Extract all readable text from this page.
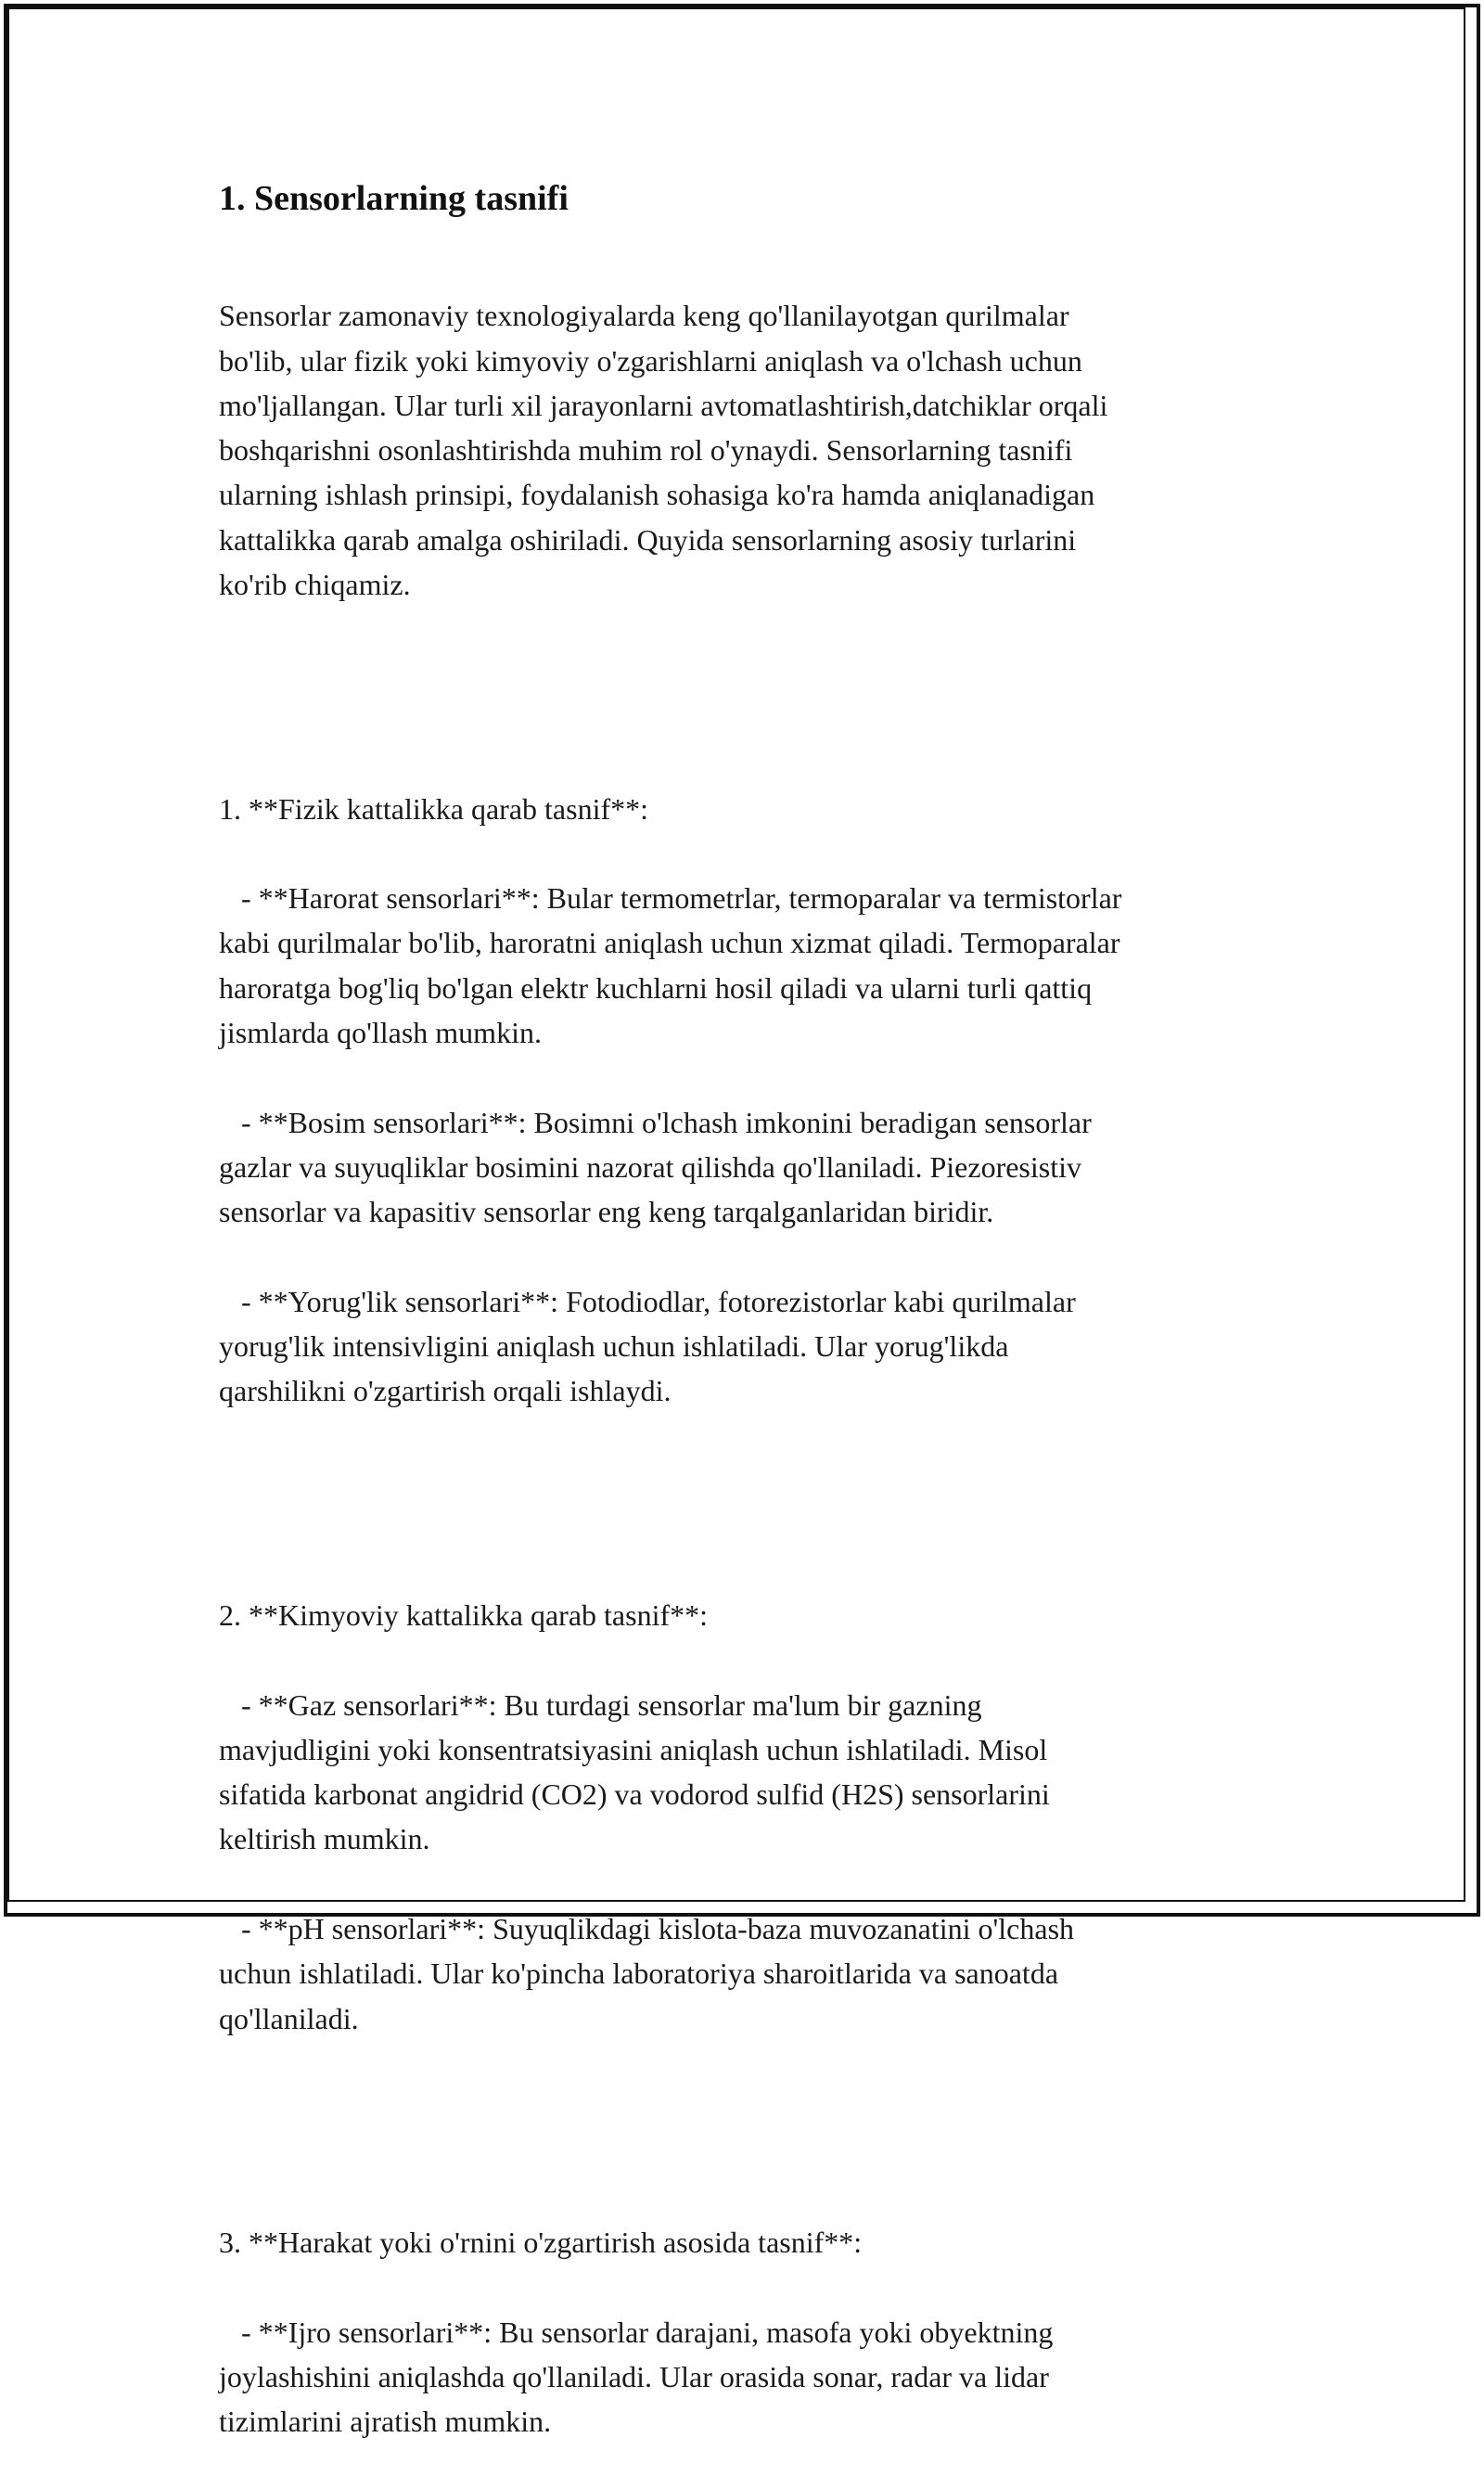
1. Sensorlarning tasnifi

Sensorlar zamonaviy texnologiyalarda keng qo'llanilayotgan qurilmalar
bo'lib, ular fizik yoki kimyoviy o'zgarishlarni aniqlash va o'lchash uchun
mo'ljallangan. Ular turli xil jarayonlarni avtomatlashtirish,datchiklar orqali
boshqarishni osonlashtirishda muhim rol o'ynaydi. Sensorlarning tasnifi
ularning ishlash prinsipi, foydalanish sohasiga ko'ra hamda aniqlanadigan
kattalikka qarab amalga oshiriladi. Quyida sensorlarning asosiy turlarini
ko'rib chiqamiz.

1. **Fizik kattalikka qarab tasnif**:

- **Harorat sensorlari**: Bular termometrlar, termoparalar va termistorlar
kabi qurilmalar bo'lib, haroratni aniqlash uchun xizmat qiladi. Termoparalar
haroratga bog'liq bo'lgan elektr kuchlarni hosil qiladi va ularni turli qattiq
jismlarda qo'llash mumkin.

- **Bosim sensorlari**: Bosimni o'lchash imkonini beradigan sensorlar
gazlar va suyuqliklar bosimini nazorat qilishda qo'llaniladi. Piezoresistiv
sensorlar va kapasitiv sensorlar eng keng tarqalganlaridan biridir.

- **Yorug'lik sensorlari**: Fotodiodlar, fotorezistorlar kabi qurilmalar
yorug'lik intensivligini aniqlash uchun ishlatiladi. Ular yorug'likda
qarshilikni o'zgartirish orqali ishlaydi.

2. **Kimyoviy kattalikka qarab tasnif**:

- **Gaz sensorlari**: Bu turdagi sensorlar ma'lum bir gazning
mavjudligini yoki konsentratsiyasini aniqlash uchun ishlatiladi. Misol
sifatida karbonat angidrid (CO2) va vodorod sulfid (H2S) sensorlarini
keltirish mumkin.

- **pH sensorlari**: Suyuqlikdagi kislota-baza muvozanatini o'lchash
uchun ishlatiladi. Ular ko'pincha laboratoriya sharoitlarida va sanoatda
qo'llaniladi.

3. **Harakat yoki o'rnini o'zgartirish asosida tasnif**:

- **Ijro sensorlari**: Bu sensorlar darajani, masofa yoki obyektning
joylashishini aniqlashda qo'llaniladi. Ular orasida sonar, radar va lidar
tizimlarini ajratish mumkin.
